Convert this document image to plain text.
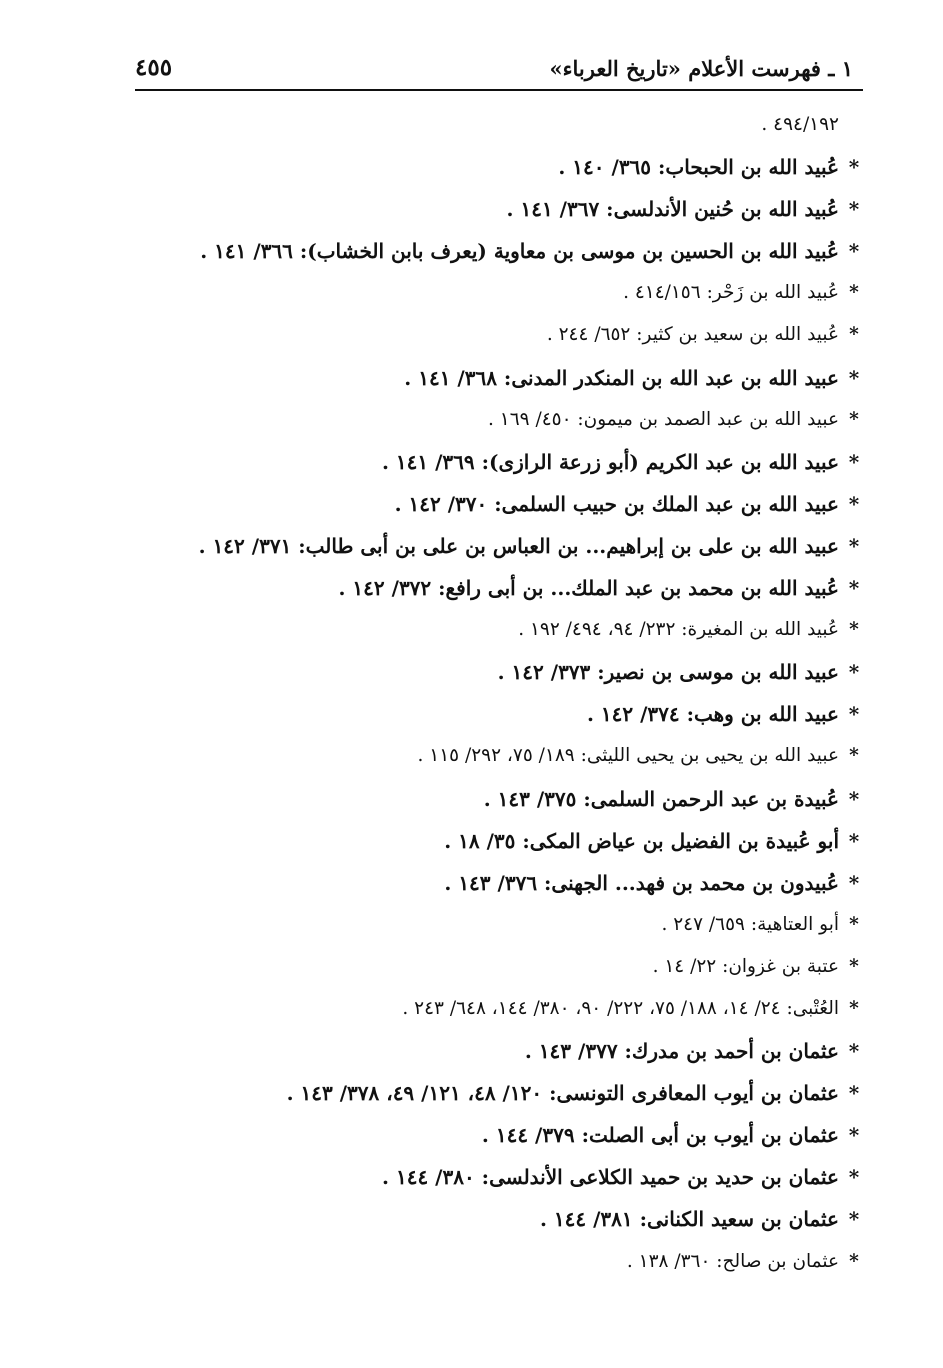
١ ـ فهرست الأعلام «تاريخ العرباء»
٤٥٥
٤٩٤/١٩٢ .
*عُبيد الله بن الحبحاب: ٣٦٥/ ١٤٠ .
*عُبيد الله بن حُنين الأندلسى: ٣٦٧/ ١٤١ .
*عُبيد الله بن الحسين بن موسى بن معاوية (يعرف بابن الخشاب): ٣٦٦/ ١٤١ .
*عُبيد الله بن زَحْر: ٤١٤/١٥٦ .
*عُبيد الله بن سعيد بن كثير: ٦٥٢/ ٢٤٤ .
*عبيد الله بن عبد الله بن المنكدر المدنى: ٣٦٨/ ١٤١ .
*عبيد الله بن عبد الصمد بن ميمون: ٤٥٠/ ١٦٩ .
*عبيد الله بن عبد الكريم (أبو زرعة الرازى): ٣٦٩/ ١٤١ .
*عبيد الله بن عبد الملك بن حبيب السلمى: ٣٧٠/ ١٤٢ .
*عبيد الله بن على بن إبراهيم... بن العباس بن على بن أبى طالب: ٣٧١/ ١٤٢ .
*عُبيد الله بن محمد بن عبد الملك... بن أبى رافع: ٣٧٢/ ١٤٢ .
*عُبيد الله بن المغيرة: ٢٣٢/ ٩٤، ٤٩٤/ ١٩٢ .
*عبيد الله بن موسى بن نصير: ٣٧٣/ ١٤٢ .
*عبيد الله بن وهب: ٣٧٤/ ١٤٢ .
*عبيد الله بن يحيى بن يحيى الليثى: ١٨٩/ ٧٥، ٢٩٢/ ١١٥ .
*عُبيدة بن عبد الرحمن السلمى: ٣٧٥/ ١٤٣ .
*أبو عُبيدة بن الفضيل بن عياض المكى: ٣٥/ ١٨ .
*عُبيدون بن محمد بن فهد... الجهنى: ٣٧٦/ ١٤٣ .
*أبو العتاهية: ٦٥٩/ ٢٤٧ .
*عتبة بن غزوان: ٢٢/ ١٤ .
*العُتْبى: ٢٤/ ١٤، ١٨٨/ ٧٥، ٢٢٢/ ٩٠، ٣٨٠/ ١٤٤، ٦٤٨/ ٢٤٣ .
*عثمان بن أحمد بن مدرك: ٣٧٧/ ١٤٣ .
*عثمان بن أيوب المعافرى التونسى: ١٢٠/ ٤٨، ١٢١/ ٤٩، ٣٧٨/ ١٤٣ .
*عثمان بن أيوب بن أبى الصلت: ٣٧٩/ ١٤٤ .
*عثمان بن حديد بن حميد الكلاعى الأندلسى: ٣٨٠/ ١٤٤ .
*عثمان بن سعيد الكنانى: ٣٨١/ ١٤٤ .
*عثمان بن صالح: ٣٦٠/ ١٣٨ .
